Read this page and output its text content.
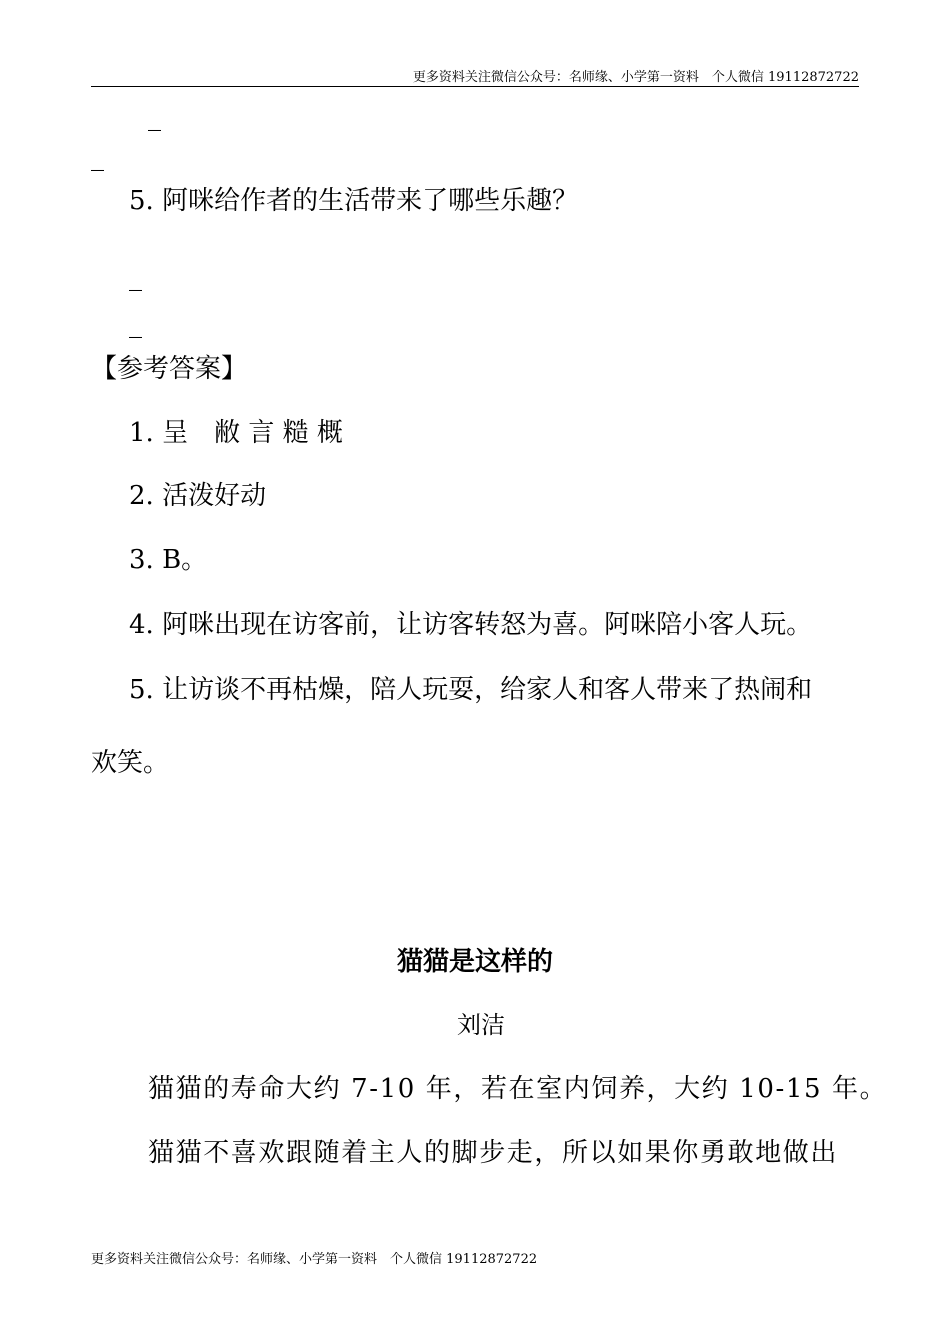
更多资料关注微信公众号：名师缘、小学第一资料　个人微信 19112872722
_
_
5. 阿咪给作者的生活带来了哪些乐趣？
_
_
【参考答案】
1. 呈　敝 言 糙 概
2. 活泼好动
3. B。
4. 阿咪出现在访客前，让访客转怒为喜。阿咪陪小客人玩。
5. 让访谈不再枯燥，陪人玩耍，给家人和客人带来了热闹和
欢笑。
猫猫是这样的
刘洁
猫猫的寿命大约 7-10 年，若在室内饲养，大约 10-15 年。
猫猫不喜欢跟随着主人的脚步走，所以如果你勇敢地做出
更多资料关注微信公众号：名师缘、小学第一资料　个人微信 19112872722
